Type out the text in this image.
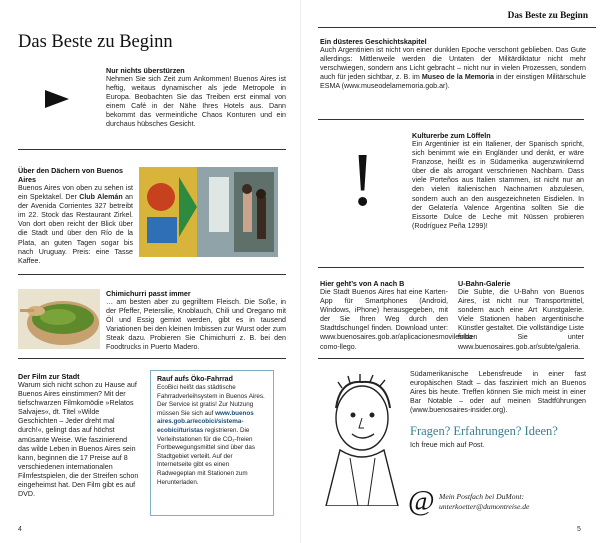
Das Beste zu Beginn
Nur nichts überstürzen
Nehmen Sie sich Zeit zum Ankommen! Buenos Aires ist heftig, weitaus dynamischer als jede Metropole in Europa. Beobachten Sie das Treiben erst einmal von einem Café in der Nähe Ihres Hotels aus. Dann bekommt das vermeintliche Chaos Konturen und ein durchaus hübsches Gesicht.
Über den Dächern von Buenos Aires
Buenos Aires von oben zu sehen ist ein Spektakel. Der Club Alemán an der Avenida Corrientes 327 betreibt im 22. Stock das Restaurant Zirkel. Von dort oben reicht der Blick über die Stadt und über den Río de la Plata, an guten Tagen sogar bis nach Uruguay. Preis: eine Tasse Kaffee.
Chimichurri passt immer
… am besten aber zu gegrilltem Fleisch. Die Soße, in der Pfeffer, Petersilie, Knoblauch, Chili und Oregano mit Öl und Essig gemixt werden, gibt es in tausend Variationen bei den kleinen Imbissen zur Wurst oder zum Steak dazu. Probieren Sie Chimichurri z. B. bei den Foodtrucks in Puerto Madero.
Der Film zur Stadt
Warum sich nicht schon zu Hause auf Buenos Aires einstimmen? Mit der tiefschwarzen Filmkomödie »Relatos Salvajes«, dt. Titel »Wilde Geschichten – Jeder dreht mal durch!«, gelingt das auf höchst amüsante Weise. Wie faszinierend das wilde Leben in Buenos Aires sein kann, beginnen die 17 Preise auf 8 verschiedenen internationalen Filmfestspielen, die der Streifen schon eingeheimst hat. Den Film gibt es auf DVD.
Rauf aufs Öko-Fahrrad
EcoBici heißt das städtische Fahrradverleihsystem in Buenos Aires. Der Service ist gratis! Zur Nutzung müssen Sie sich auf www.buenos aires.gob.ar/ecobici/sistema-ecobici/turistas registrieren. Die Verleihstationen für die CO₂-freien Fortbewegungsmittel sind über das Stadtgebiet verteilt. Auf der Internetseite gibt es einen Radwegeplan mit Stationen zum Herunterladen.
4
Das Beste zu Beginn
Ein düsteres Geschichtskapitel
Auch Argentinien ist nicht von einer dunklen Epoche verschont geblieben. Das Gute allerdings: Mittlerweile werden die Untaten der Militärdiktatur nicht mehr verschwiegen, sondern ans Licht gebracht – nicht nur in vielen Prozessen, sondern auch für jeden sichtbar, z. B. im Museo de la Memoria in der einstigen Militärschule ESMA (www.museodelamemoria.gob.ar).
!
Kulturerbe zum Löffeln
Ein Argentinier ist ein Italiener, der Spanisch spricht, sich benimmt wie ein Engländer und denkt, er wäre Franzose, heißt es in Südamerika augenzwinkernd über die als arrogant verschrienen Nachbarn. Dass viele Porteños aus Italien stammen, ist nicht nur an den vielen italienischen Nachnamen abzulesen, sondern auch an den ausgezeichneten Eisdielen. In der Gelatería Valence Argentina sollten Sie die Eissorte Dulce de Leche mit Nüssen probieren (Rodríguez Peña 1299)!
Hier geht’s von A nach B
Die Stadt Buenos Aires hat eine Karten-App für Smartphones (Android, Windows, iPhone) herausgegeben, mit der Sie Ihren Weg durch den Stadtdschungel finden. Download unter: www.buenosaires.gob.ar/aplicacionesmoviles/ba-como-llego.
U-Bahn-Galerie
Die Subte, die U-Bahn von Buenos Aires, ist nicht nur Transportmittel, sondern auch eine Art Kunstgalerie. Viele Stationen haben argentinische Künstler gestaltet. Die vollständige Liste finden Sie unter www.buenosaires.gob.ar/subte/galeria.
Südamerikanische Lebensfreude in einer fast europäischen Stadt – das fasziniert mich an Buenos Aires bis heute. Treffen können Sie mich meist in einer Bar Notable – oder auf meinen Stadtführungen (www.buenosaires-insider.org).
Fragen? Erfahrungen? Ideen?
Ich freue mich auf Post.
@ Mein Postfach bei DuMont:
unterkoetter@dumontreise.de
5
